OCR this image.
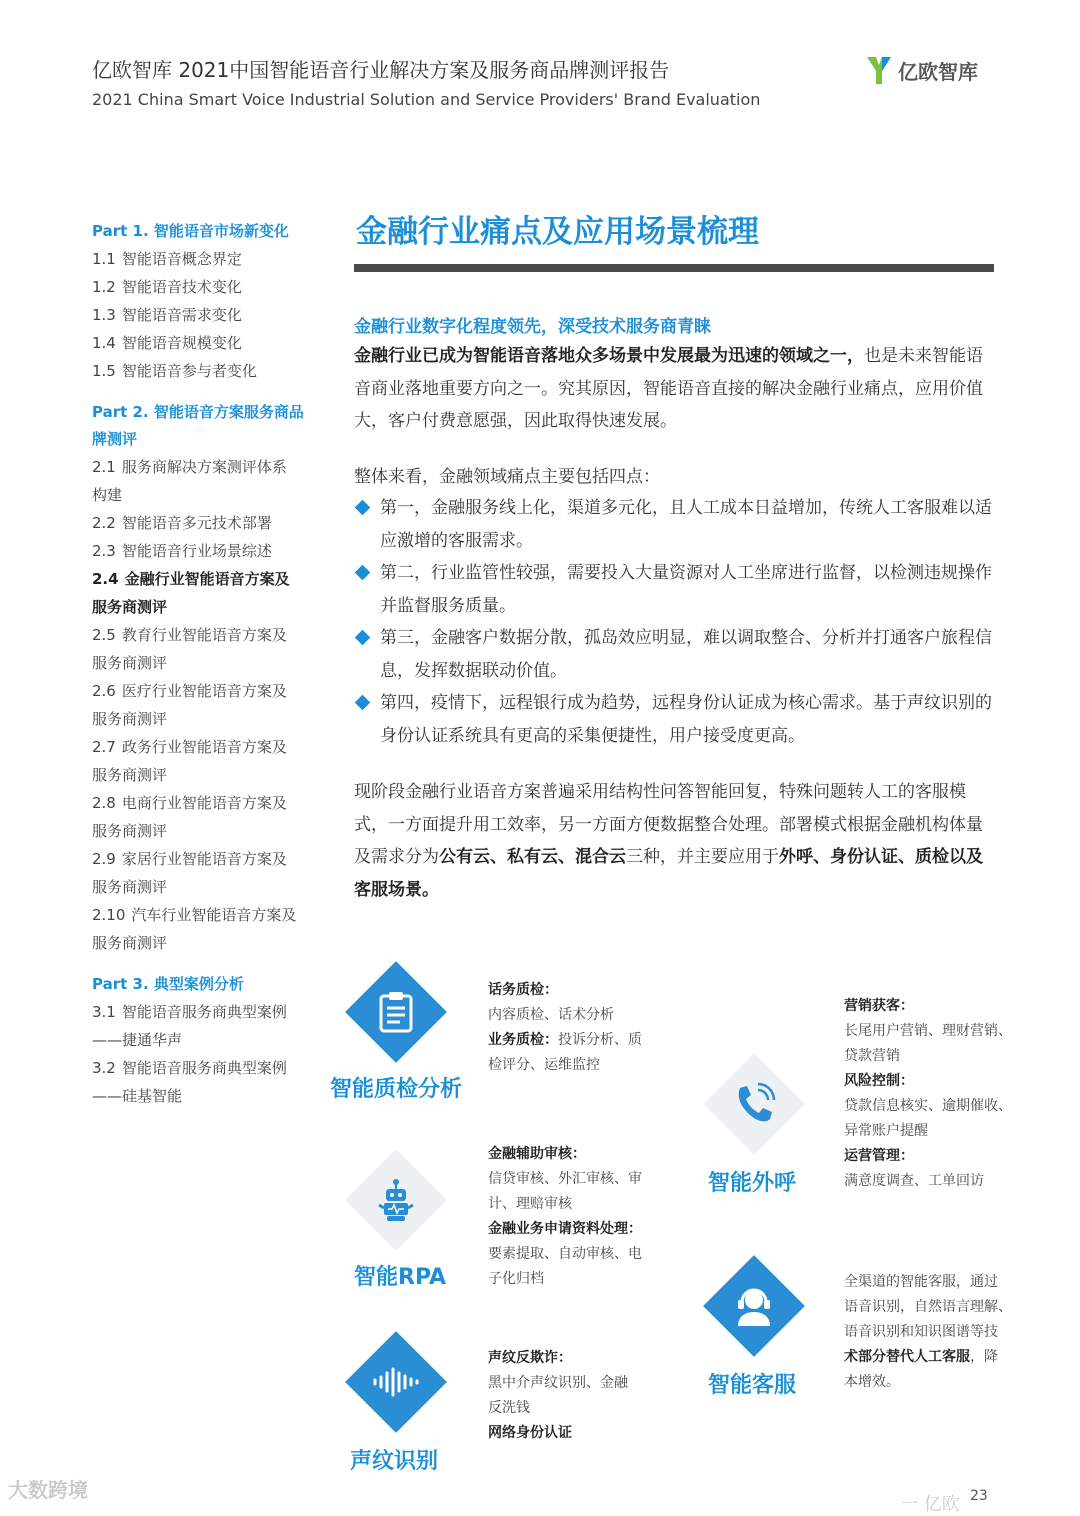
亿欧智库 2021中国智能语音行业解决方案及服务商品牌测评报告
2021 China Smart Voice Industrial Solution and Service Providers' Brand Evaluation
亿欧智库
Part 1. 智能语音市场新变化
1.1 智能语音概念界定
1.2 智能语音技术变化
1.3 智能语音需求变化
1.4 智能语音规模变化
1.5 智能语音参与者变化
Part 2. 智能语音方案服务商品
牌测评
2.1 服务商解决方案测评体系
构建
2.2 智能语音多元技术部署
2.3 智能语音行业场景综述
2.4 金融行业智能语音方案及
服务商测评
2.5 教育行业智能语音方案及
服务商测评
2.6 医疗行业智能语音方案及
服务商测评
2.7 政务行业智能语音方案及
服务商测评
2.8 电商行业智能语音方案及
服务商测评
2.9 家居行业智能语音方案及
服务商测评
2.10 汽车行业智能语音方案及
服务商测评
Part 3. 典型案例分析
3.1 智能语音服务商典型案例
——捷通华声
3.2 智能语音服务商典型案例
——硅基智能
金融行业痛点及应用场景梳理
金融行业数字化程度领先，深受技术服务商青睐
金融行业已成为智能语音落地众多场景中发展最为迅速的领域之一，也是未来智能语音商业落地重要方向之一。究其原因，智能语音直接的解决金融行业痛点，应用价值大，客户付费意愿强，因此取得快速发展。
整体来看，金融领域痛点主要包括四点：
第一，金融服务线上化，渠道多元化，且人工成本日益增加，传统人工客服难以适应激增的客服需求。
第二，行业监管性较强，需要投入大量资源对人工坐席进行监督，以检测违规操作并监督服务质量。
第三，金融客户数据分散，孤岛效应明显，难以调取整合、分析并打通客户旅程信息，发挥数据联动价值。
第四，疫情下，远程银行成为趋势，远程身份认证成为核心需求。基于声纹识别的身份认证系统具有更高的采集便捷性，用户接受度更高。
现阶段金融行业语音方案普遍采用结构性问答智能回复，特殊问题转人工的客服模式，一方面提升用工效率，另一方面方便数据整合处理。部署模式根据金融机构体量及需求分为公有云、私有云、混合云三种，并主要应用于外呼、身份认证、质检以及客服场景。
智能质检分析
话务质检：
内容质检、话术分析
业务质检：投诉分析、质
检评分、运维监控
智能RPA
金融辅助审核：
信贷审核、外汇审核、审
计、理赔审核
金融业务申请资料处理：
要素提取、自动审核、电
子化归档
声纹识别
声纹反欺诈：
黑中介声纹识别、金融
反洗钱
网络身份认证
智能外呼
营销获客：
长尾用户营销、理财营销、
贷款营销
风险控制：
贷款信息核实、逾期催收、
异常账户提醒
运营管理：
满意度调查、工单回访
智能客服
全渠道的智能客服，通过
语音识别，自然语言理解、
语音识别和知识图谱等技
术部分替代人工客服，降
本增效。
大数跨境
一 亿欧 23
